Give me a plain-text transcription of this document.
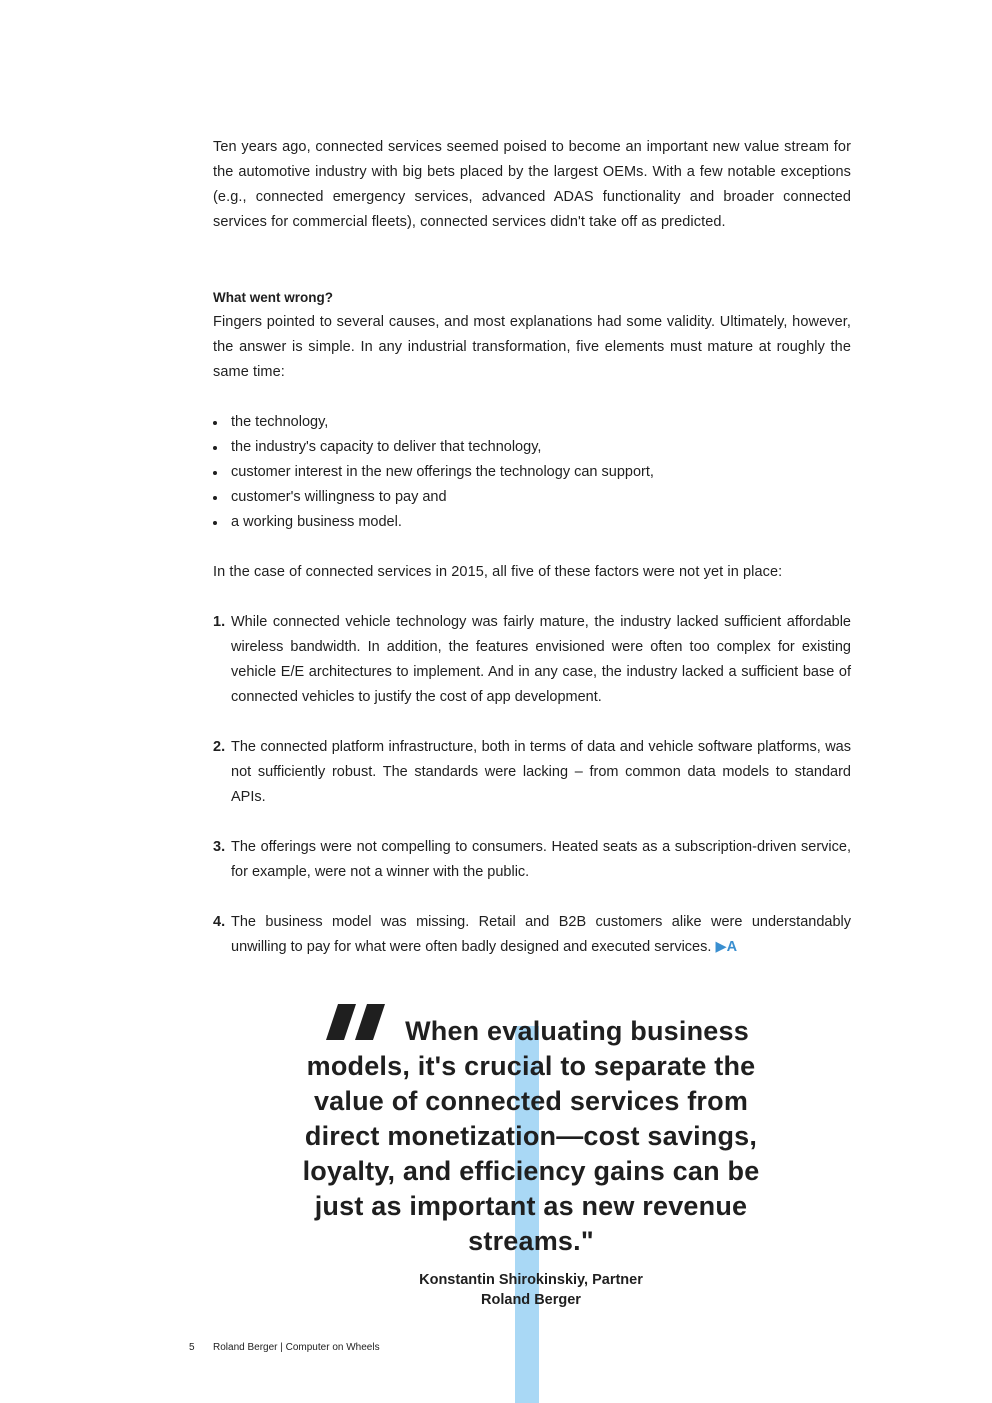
Ten years ago, connected services seemed poised to become an important new value stream for the automotive industry with big bets placed by the largest OEMs. With a few notable exceptions (e.g., connected emergency services, advanced ADAS functionality and broader connected services for commercial fleets), connected services didn't take off as predicted.

What went wrong?

Fingers pointed to several causes, and most explanations had some validity. Ultimately, however, the answer is simple. In any industrial transformation, five elements must mature at roughly the same time:

the technology,
the industry's capacity to deliver that technology,
customer interest in the new offerings the technology can support,
customer's willingness to pay and
a working business model.

In the case of connected services in 2015, all five of these factors were not yet in place:

1. While connected vehicle technology was fairly mature, the industry lacked sufficient affordable wireless bandwidth. In addition, the features envisioned were often too complex for existing vehicle E/E architectures to implement. And in any case, the industry lacked a sufficient base of connected vehicles to justify the cost of app development.
2. The connected platform infrastructure, both in terms of data and vehicle software platforms, was not sufficiently robust. The standards were lacking – from common data models to standard APIs.
3. The offerings were not compelling to consumers. Heated seats as a subscription-driven service, for example, were not a winner with the public.
4. The business model was missing. Retail and B2B customers alike were understandably unwilling to pay for what were often badly designed and executed services. ▶A
When evaluating business models, it's crucial to separate the value of connected services from direct monetization—cost savings, loyalty, and efficiency gains can be just as important as new revenue streams."
Konstantin Shirokinskiy, Partner
Roland Berger
5 Roland Berger | Computer on Wheels
